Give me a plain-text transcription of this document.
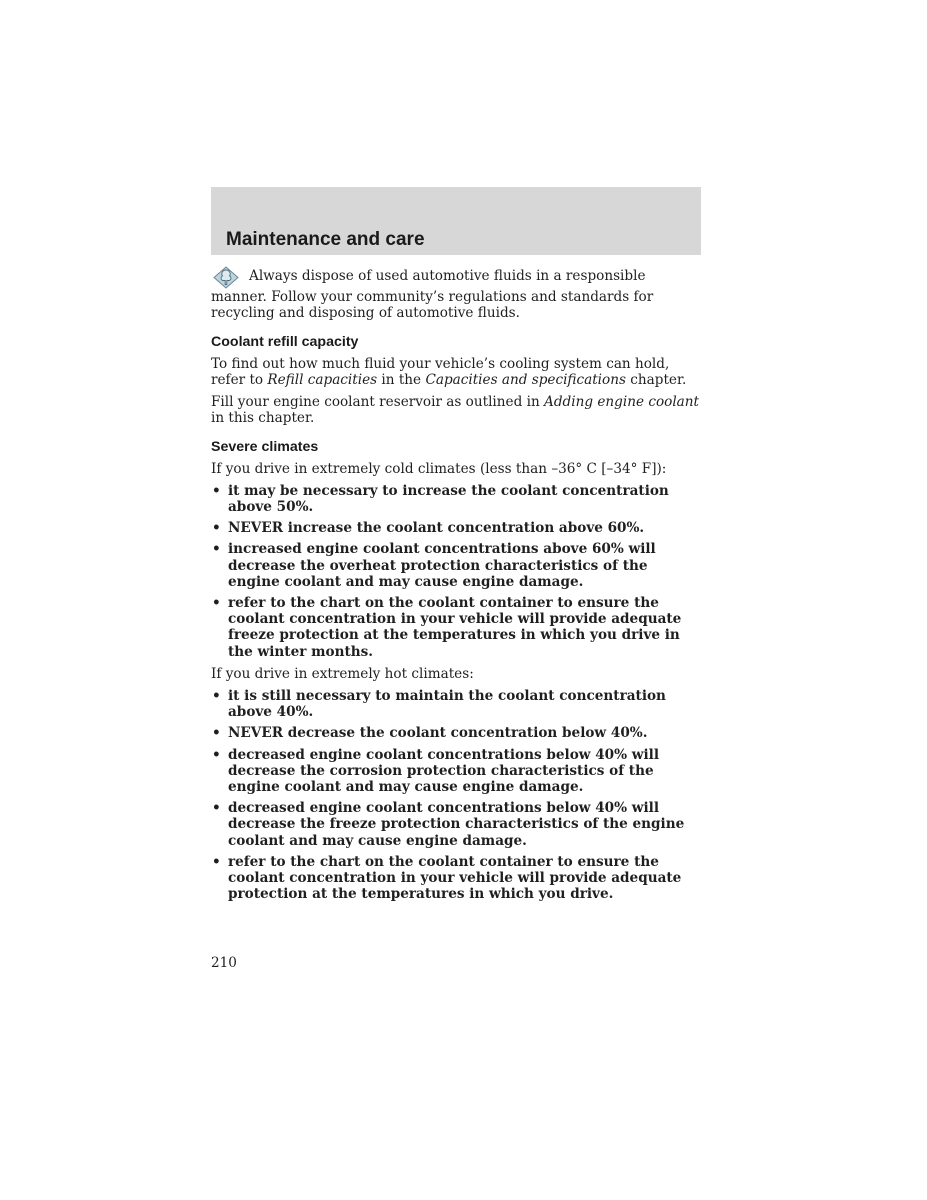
Maintenance and care

Always dispose of used automotive fluids in a responsible manner. Follow your community’s regulations and standards for recycling and disposing of automotive fluids.

Coolant refill capacity

To find out how much fluid your vehicle’s cooling system can hold, refer to Refill capacities in the Capacities and specifications chapter.

Fill your engine coolant reservoir as outlined in Adding engine coolant in this chapter.

Severe climates

If you drive in extremely cold climates (less than –36° C [–34° F]):

• it may be necessary to increase the coolant concentration above 50%.
• NEVER increase the coolant concentration above 60%.
• increased engine coolant concentrations above 60% will decrease the overheat protection characteristics of the engine coolant and may cause engine damage.
• refer to the chart on the coolant container to ensure the coolant concentration in your vehicle will provide adequate freeze protection at the temperatures in which you drive in the winter months.

If you drive in extremely hot climates:

• it is still necessary to maintain the coolant concentration above 40%.
• NEVER decrease the coolant concentration below 40%.
• decreased engine coolant concentrations below 40% will decrease the corrosion protection characteristics of the engine coolant and may cause engine damage.
• decreased engine coolant concentrations below 40% will decrease the freeze protection characteristics of the engine coolant and may cause engine damage.
• refer to the chart on the coolant container to ensure the coolant concentration in your vehicle will provide adequate protection at the temperatures in which you drive.
210
